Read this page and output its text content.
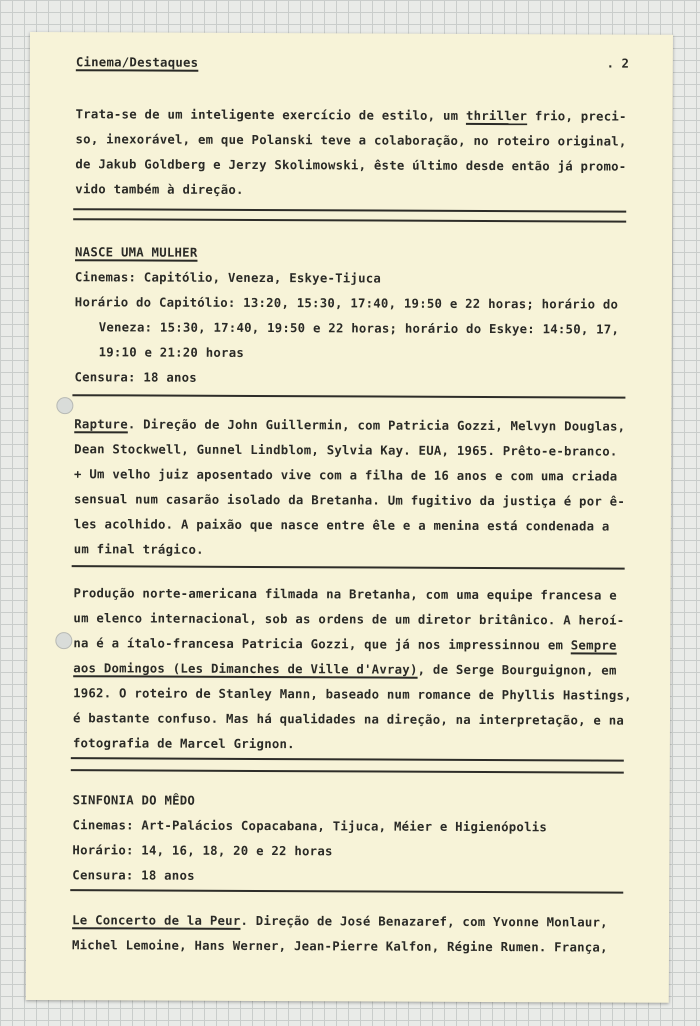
Cinema/Destaques	. 2

Trata-se de um inteligente exercício de estilo, um thriller frio, preci-

so, inexorável, em que Polanski teve a colaboração, no roteiro original,

de Jakub Goldberg e Jerzy Skolimowski, êste último desde então já promo-

vido também à direção.

NASCE UMA MULHER

Cinemas: Capitólio, Veneza, Eskye-Tijuca

Horário do Capitólio: 13:20, 15:30, 17:40, 19:50 e 22 horas; horário do

Veneza: 15:30, 17:40, 19:50 e 22 horas; horário do Eskye: 14:50, 17,

19:10 e 21:20 horas

Censura: 18 anos

Rapture. Direção de John Guillermin, com Patricia Gozzi, Melvyn Douglas,

Dean Stockwell, Gunnel Lindblom, Sylvia Kay. EUA, 1965. Prêto-e-branco.

+ Um velho juiz aposentado vive com a filha de 16 anos e com uma criada

sensual num casarão isolado da Bretanha. Um fugitivo da justiça é por ê-

les acolhido. A paixão que nasce entre êle e a menina está condenada a

um final trágico.

Produção norte-americana filmada na Bretanha, com uma equipe francesa e

um elenco internacional, sob as ordens de um diretor britânico. A heroí-

na é a ítalo-francesa Patricia Gozzi, que já nos impressinnou em Sempre

aos Domingos (Les Dimanches de Ville d'Avray), de Serge Bourguignon, em

1962. O roteiro de Stanley Mann, baseado num romance de Phyllis Hastings,

é bastante confuso. Mas há qualidades na direção, na interpretação, e na

fotografia de Marcel Grignon.

SINFONIA DO MÊDO

Cinemas: Art-Palácios Copacabana, Tijuca, Méier e Higienópolis

Horário: 14, 16, 18, 20 e 22 horas

Censura: 18 anos

Le Concerto de la Peur. Direção de José Benazaref, com Yvonne Monlaur,

Michel Lemoine, Hans Werner, Jean-Pierre Kalfon, Régine Rumen. França,
